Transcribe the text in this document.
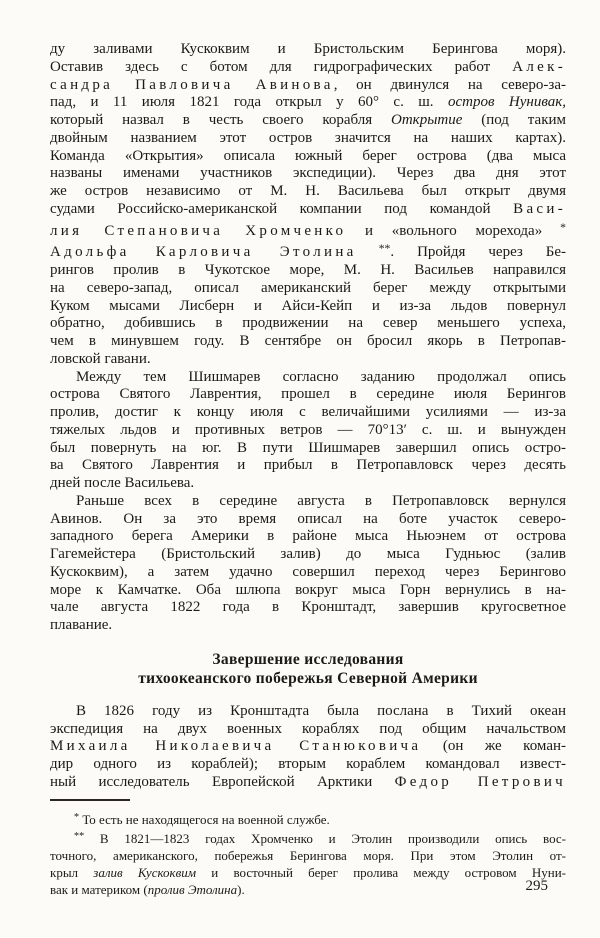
ду заливами Кускоквим и Бристольским Берингова моря).
Оставив здесь с ботом для гидрографических работ Алек-
сандра Павловича Авинова, он двинулся на северо-за-
пад, и 11 июля 1821 года открыл у 60° с. ш. остров Нунивак,
который назвал в честь своего корабля Открытие (под таким
двойным названием этот остров значится на наших картах).
Команда «Открытия» описала южный берег острова (два мыса
названы именами участников экспедиции). Через два дня этот
же остров независимо от М. Н. Васильева был открыт двумя
судами Российско-американской компании под командой Васи-
лия Степановича Хромченко и «вольного морехода» *
Адольфа Карловича Этолина **. Пройдя через Бе-
рингов пролив в Чукотское море, М. Н. Васильев направился
на северо-запад, описал американский берег между открытыми
Куком мысами Лисберн и Айси-Кейп и из-за льдов повернул
обратно, добившись в продвижении на север меньшего успеха,
чем в минувшем году. В сентябре он бросил якорь в Петропав-
ловской гавани.
Между тем Шишмарев согласно заданию продолжал опись
острова Святого Лаврентия, прошел в середине июля Берингов
пролив, достиг к концу июля с величайшими усилиями — из-за
тяжелых льдов и противных ветров — 70°13′ с. ш. и вынужден
был повернуть на юг. В пути Шишмарев завершил опись остро-
ва Святого Лаврентия и прибыл в Петропавловск через десять
дней после Васильева.
Раньше всех в середине августа в Петропавловск вернулся
Авинов. Он за это время описал на боте участок северо-
западного берега Америки в районе мыса Ньюэнем от острова
Гагемейстера (Бристольский залив) до мыса Гудньюс (залив
Кускоквим), а затем удачно совершил переход через Берингово
море к Камчатке. Оба шлюпа вокруг мыса Горн вернулись в на-
чале августа 1822 года в Кронштадт, завершив кругосветное
плавание.
Завершение исследования
тихоокеанского побережья Северной Америки
В 1826 году из Кронштадта была послана в Тихий океан
экспедиция на двух военных кораблях под общим начальством
Михаила Николаевича Станюковича (он же коман-
дир одного из кораблей); вторым кораблем командовал извест-
ный исследователь Европейской Арктики Федор Петрович
* То есть не находящегося на военной службе.
** В 1821—1823 годах Хромченко и Этолин производили опись вос-
точного, американского, побережья Берингова моря. При этом Этолин от-
крыл залив Кускоквим и восточный берег пролива между островом Нуни-
вак и материком (пролив Этолина).	295
